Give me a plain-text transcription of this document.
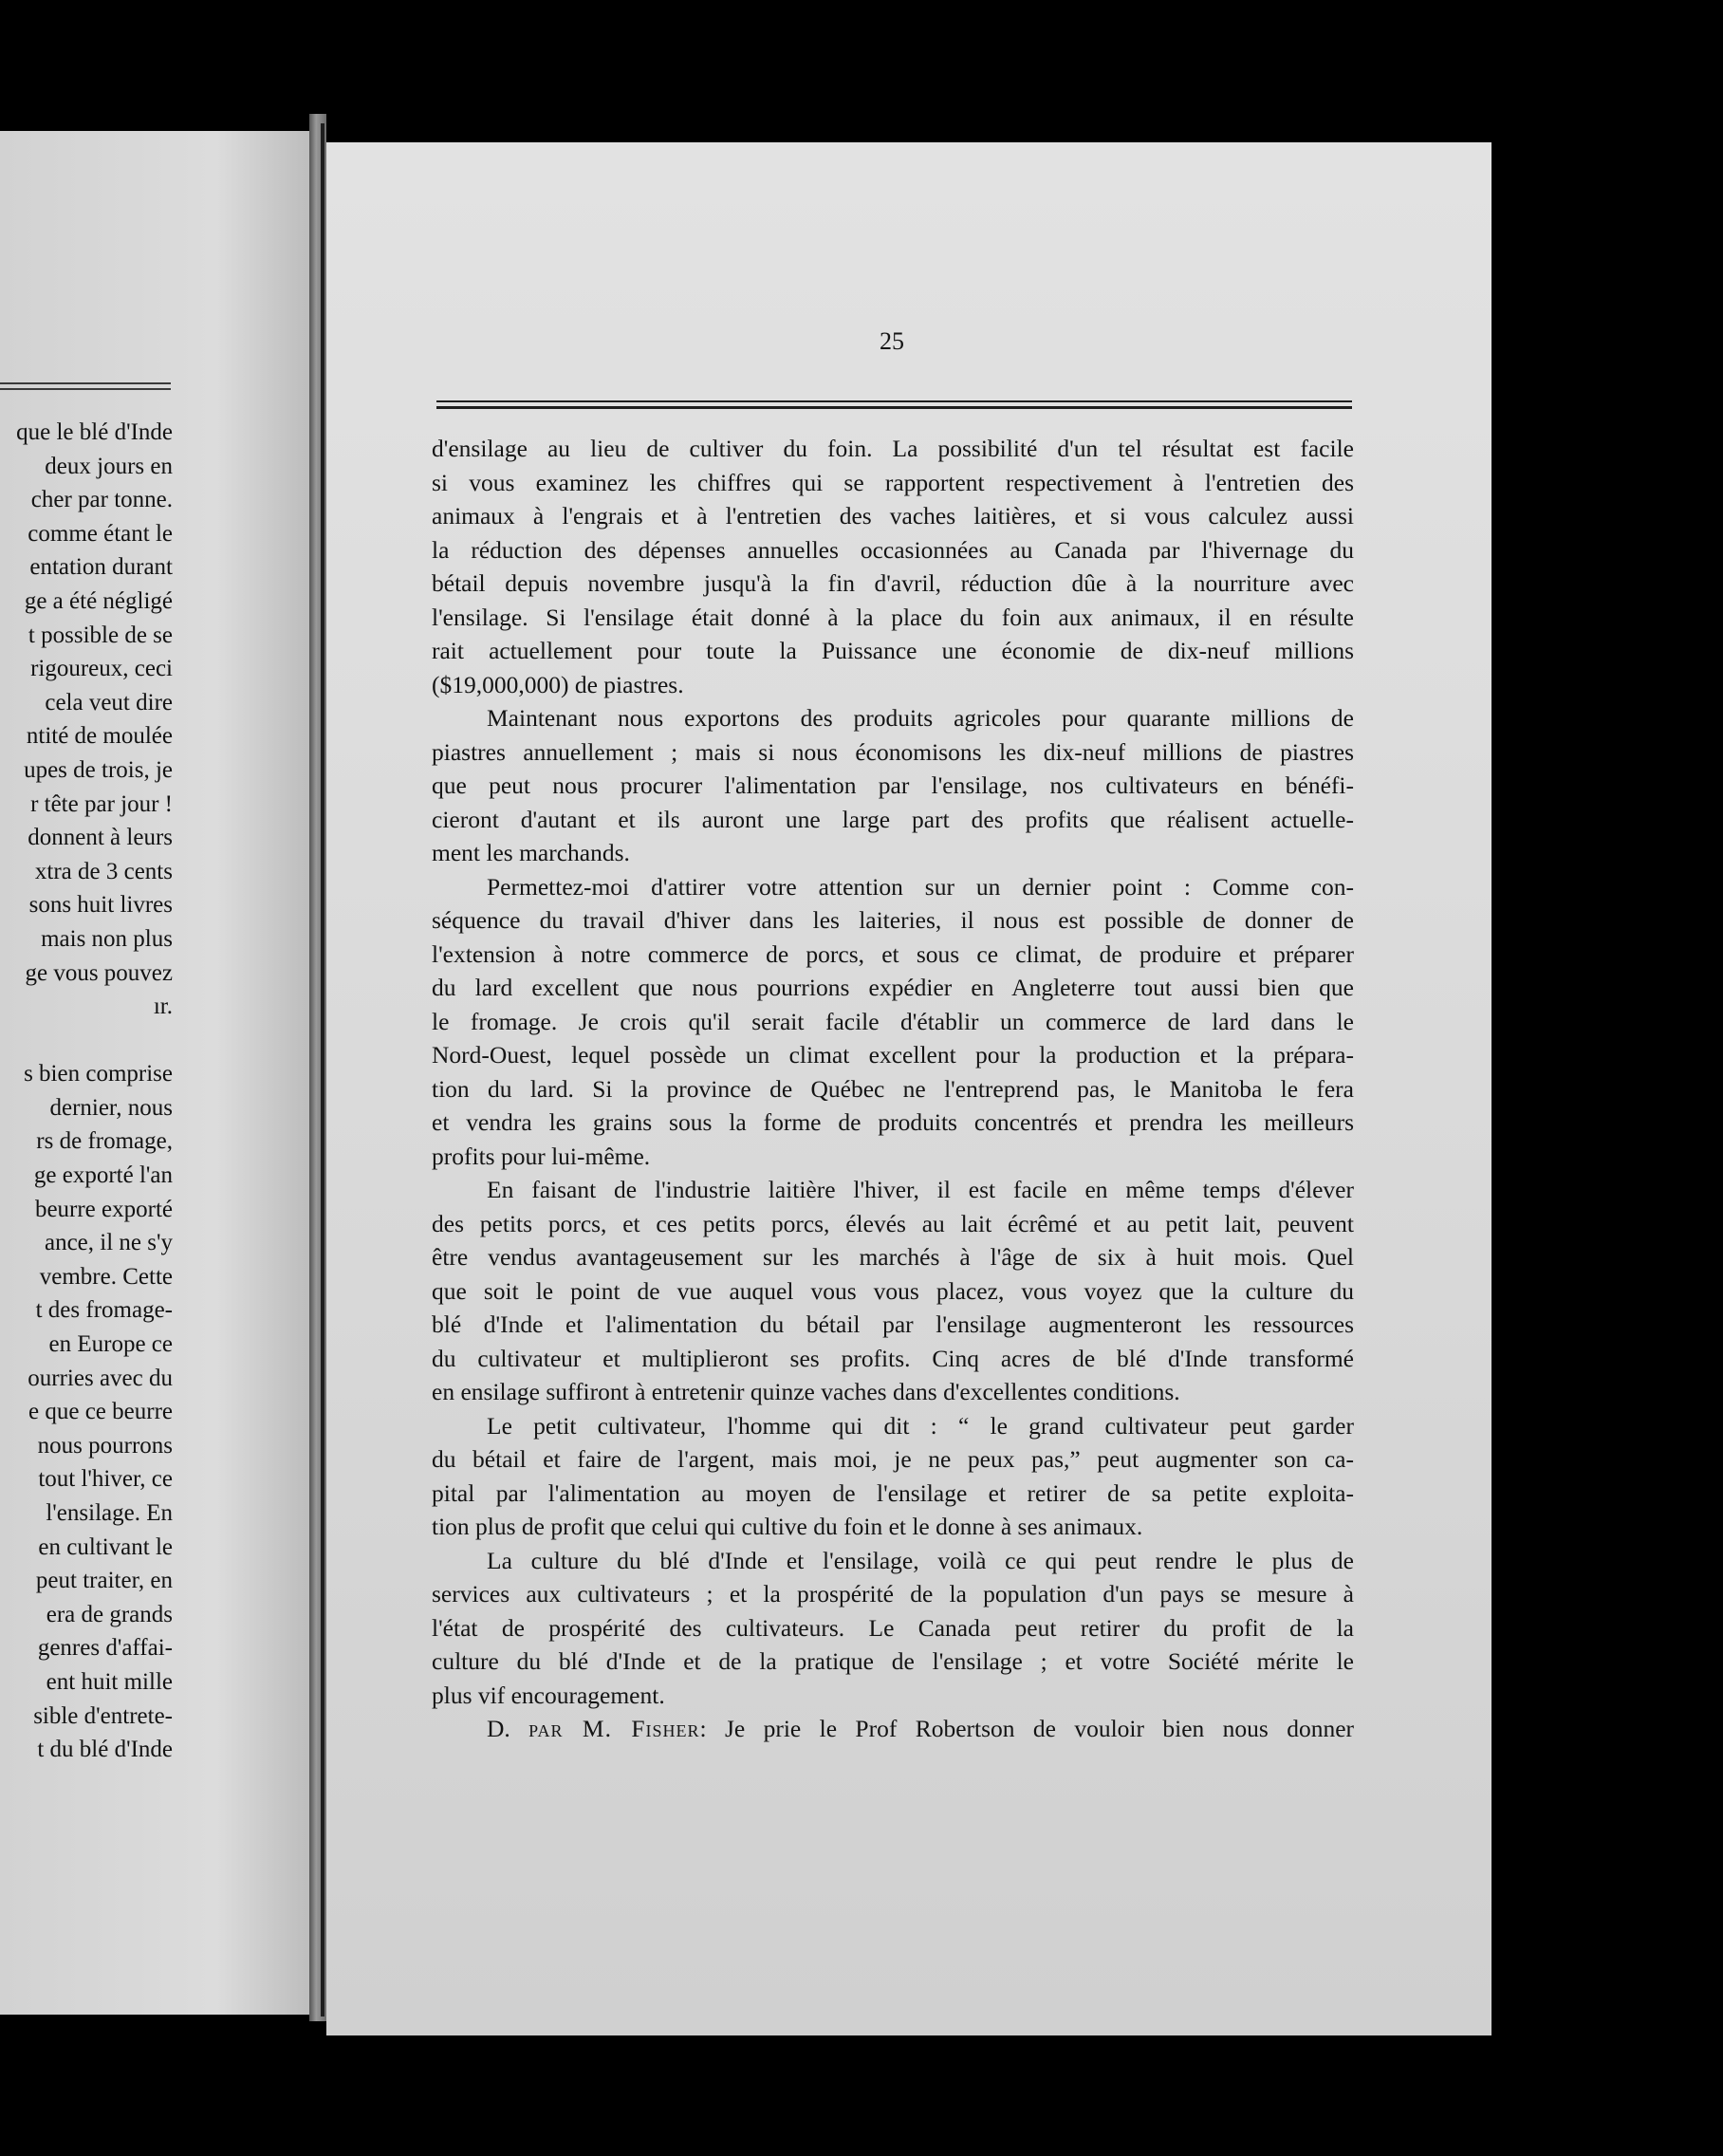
que le blé d'Inde
deux jours en
cher par tonne.
comme étant le
entation durant
ge a été négligé
t possible de se
rigoureux, ceci
cela veut dire
ntité de moulée
upes de trois, je
r tête par jour !
donnent à leurs
xtra de 3 cents
sons huit livres
mais non plus
ge vous pouvez
ır.

s bien comprise
dernier, nous
rs de fromage,
ge exporté l'an
beurre exporté
ance, il ne s'y
vembre. Cette
t des fromage-
en Europe ce
ourries avec du
e que ce beurre
nous pourrons
tout l'hiver, ce
l'ensilage. En
en cultivant le
peut traiter, en
era de grands
genres d'affai-
ent huit mille
sible d'entrete-
t du blé d'Inde
25
d'ensilage au lieu de cultiver du foin. La possibilité d'un tel résultat est facile
si vous examinez les chiffres qui se rapportent respectivement à l'entretien des
animaux à l'engrais et à l'entretien des vaches laitières, et si vous calculez aussi
la réduction des dépenses annuelles occasionnées au Canada par l'hivernage du
bétail depuis novembre jusqu'à la fin d'avril, réduction dûe à la nourriture avec
l'ensilage. Si l'ensilage était donné à la place du foin aux animaux, il en résulte
rait actuellement pour toute la Puissance une économie de dix-neuf millions
($19,000,000) de piastres.
Maintenant nous exportons des produits agricoles pour quarante millions de
piastres annuellement ; mais si nous économisons les dix-neuf millions de piastres
que peut nous procurer l'alimentation par l'ensilage, nos cultivateurs en bénéfi-
cieront d'autant et ils auront une large part des profits que réalisent actuelle-
ment les marchands.
Permettez-moi d'attirer votre attention sur un dernier point : Comme con-
séquence du travail d'hiver dans les laiteries, il nous est possible de donner de
l'extension à notre commerce de porcs, et sous ce climat, de produire et préparer
du lard excellent que nous pourrions expédier en Angleterre tout aussi bien que
le fromage. Je crois qu'il serait facile d'établir un commerce de lard dans le
Nord-Ouest, lequel possède un climat excellent pour la production et la prépara-
tion du lard. Si la province de Québec ne l'entreprend pas, le Manitoba le fera
et vendra les grains sous la forme de produits concentrés et prendra les meilleurs
profits pour lui-même.
En faisant de l'industrie laitière l'hiver, il est facile en même temps d'élever
des petits porcs, et ces petits porcs, élevés au lait écrêmé et au petit lait, peuvent
être vendus avantageusement sur les marchés à l'âge de six à huit mois. Quel
que soit le point de vue auquel vous vous placez, vous voyez que la culture du
blé d'Inde et l'alimentation du bétail par l'ensilage augmenteront les ressources
du cultivateur et multiplieront ses profits. Cinq acres de blé d'Inde transformé
en ensilage suffiront à entretenir quinze vaches dans d'excellentes conditions.
Le petit cultivateur, l'homme qui dit : “ le grand cultivateur peut garder
du bétail et faire de l'argent, mais moi, je ne peux pas,” peut augmenter son ca-
pital par l'alimentation au moyen de l'ensilage et retirer de sa petite exploita-
tion plus de profit que celui qui cultive du foin et le donne à ses animaux.
La culture du blé d'Inde et l'ensilage, voilà ce qui peut rendre le plus de
services aux cultivateurs ; et la prospérité de la population d'un pays se mesure à
l'état de prospérité des cultivateurs. Le Canada peut retirer du profit de la
culture du blé d'Inde et de la pratique de l'ensilage ; et votre Société mérite le
plus vif encouragement.
D. par M. Fisher: Je prie le Prof Robertson de vouloir bien nous donner
